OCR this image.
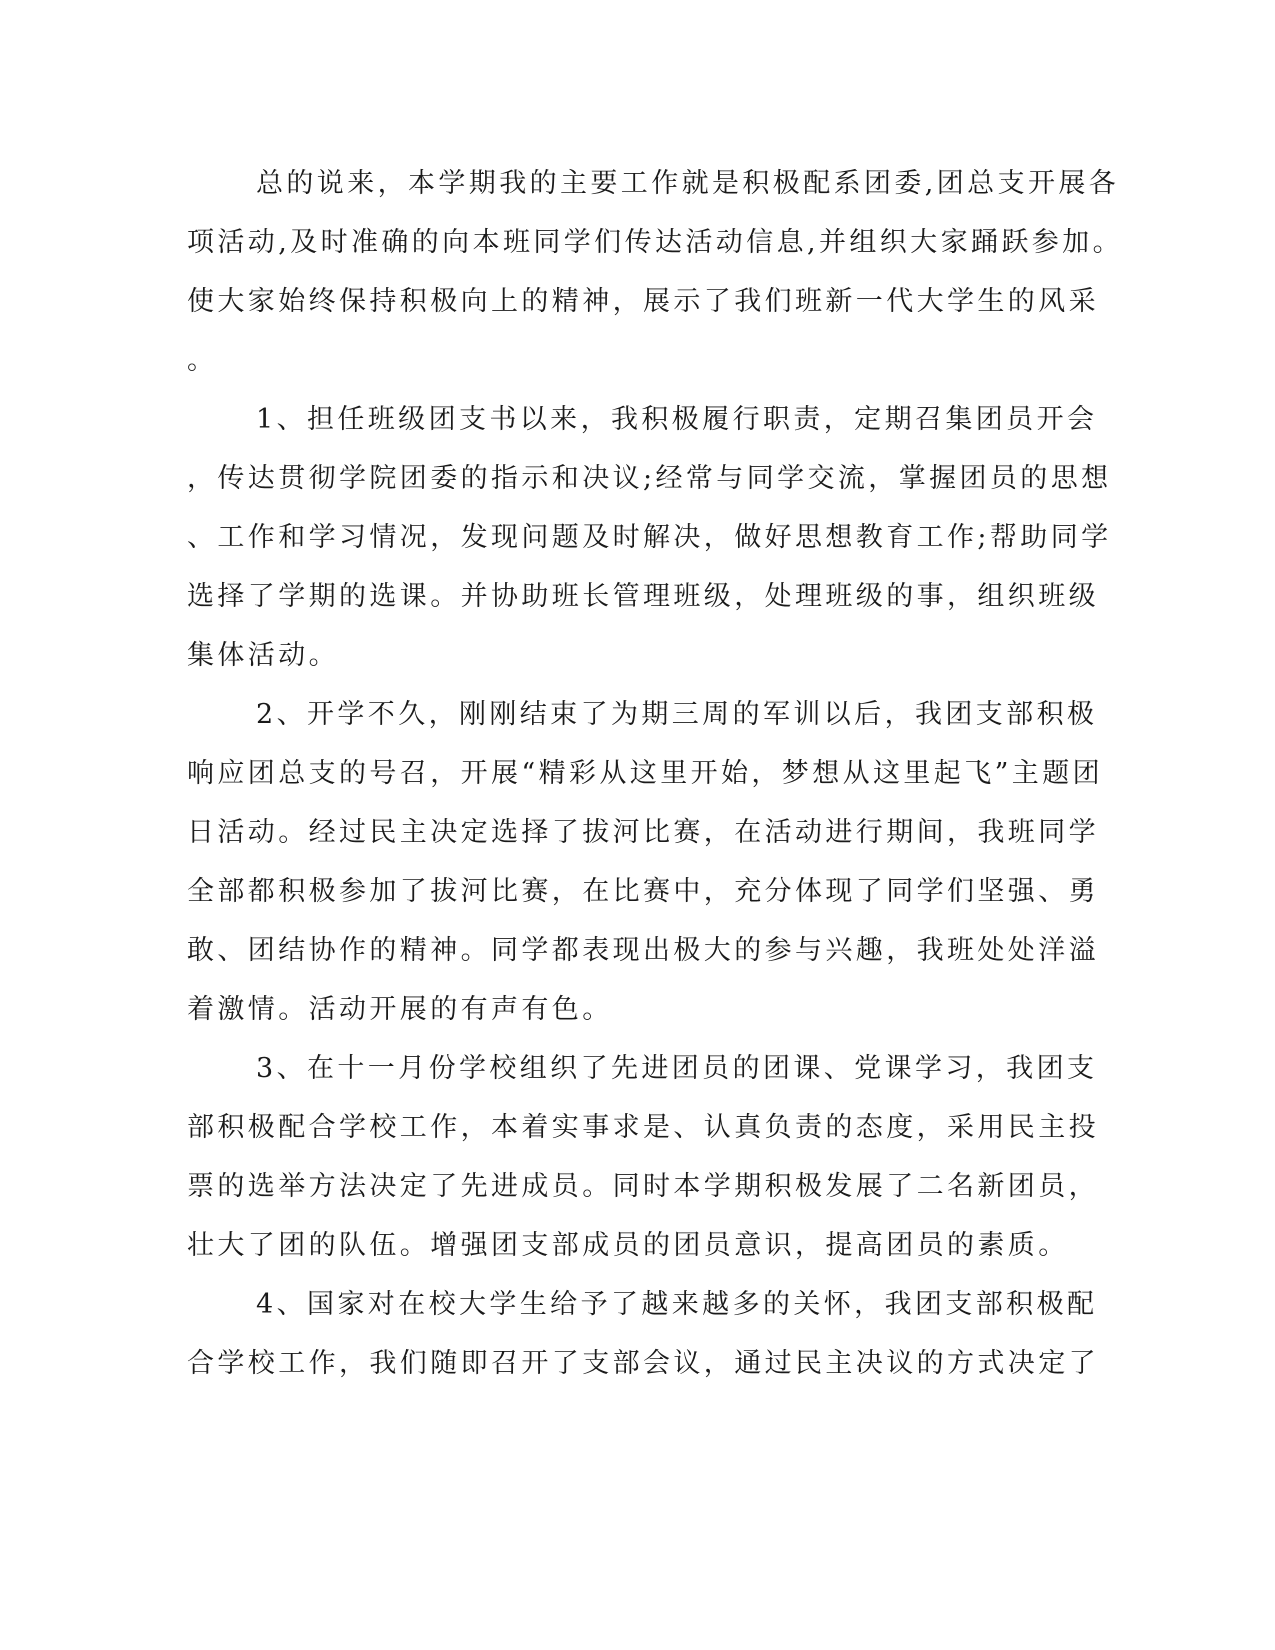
总的说来，本学期我的主要工作就是积极配系团委,团总支开展各
项活动,及时准确的向本班同学们传达活动信息,并组织大家踊跃参加。
使大家始终保持积极向上的精神，展示了我们班新一代大学生的风采
。
1、担任班级团支书以来，我积极履行职责，定期召集团员开会
，传达贯彻学院团委的指示和决议;经常与同学交流，掌握团员的思想
、工作和学习情况，发现问题及时解决，做好思想教育工作;帮助同学
选择了学期的选课。并协助班长管理班级，处理班级的事，组织班级
集体活动。
2、开学不久，刚刚结束了为期三周的军训以后，我团支部积极
响应团总支的号召，开展“精彩从这里开始，梦想从这里起飞”主题团
日活动。经过民主决定选择了拔河比赛，在活动进行期间，我班同学
全部都积极参加了拔河比赛，在比赛中，充分体现了同学们坚强、勇
敢、团结协作的精神。同学都表现出极大的参与兴趣，我班处处洋溢
着激情。活动开展的有声有色。
3、在十一月份学校组织了先进团员的团课、党课学习，我团支
部积极配合学校工作，本着实事求是、认真负责的态度，采用民主投
票的选举方法决定了先进成员。同时本学期积极发展了二名新团员，
壮大了团的队伍。增强团支部成员的团员意识，提高团员的素质。
4、国家对在校大学生给予了越来越多的关怀，我团支部积极配
合学校工作，我们随即召开了支部会议，通过民主决议的方式决定了
